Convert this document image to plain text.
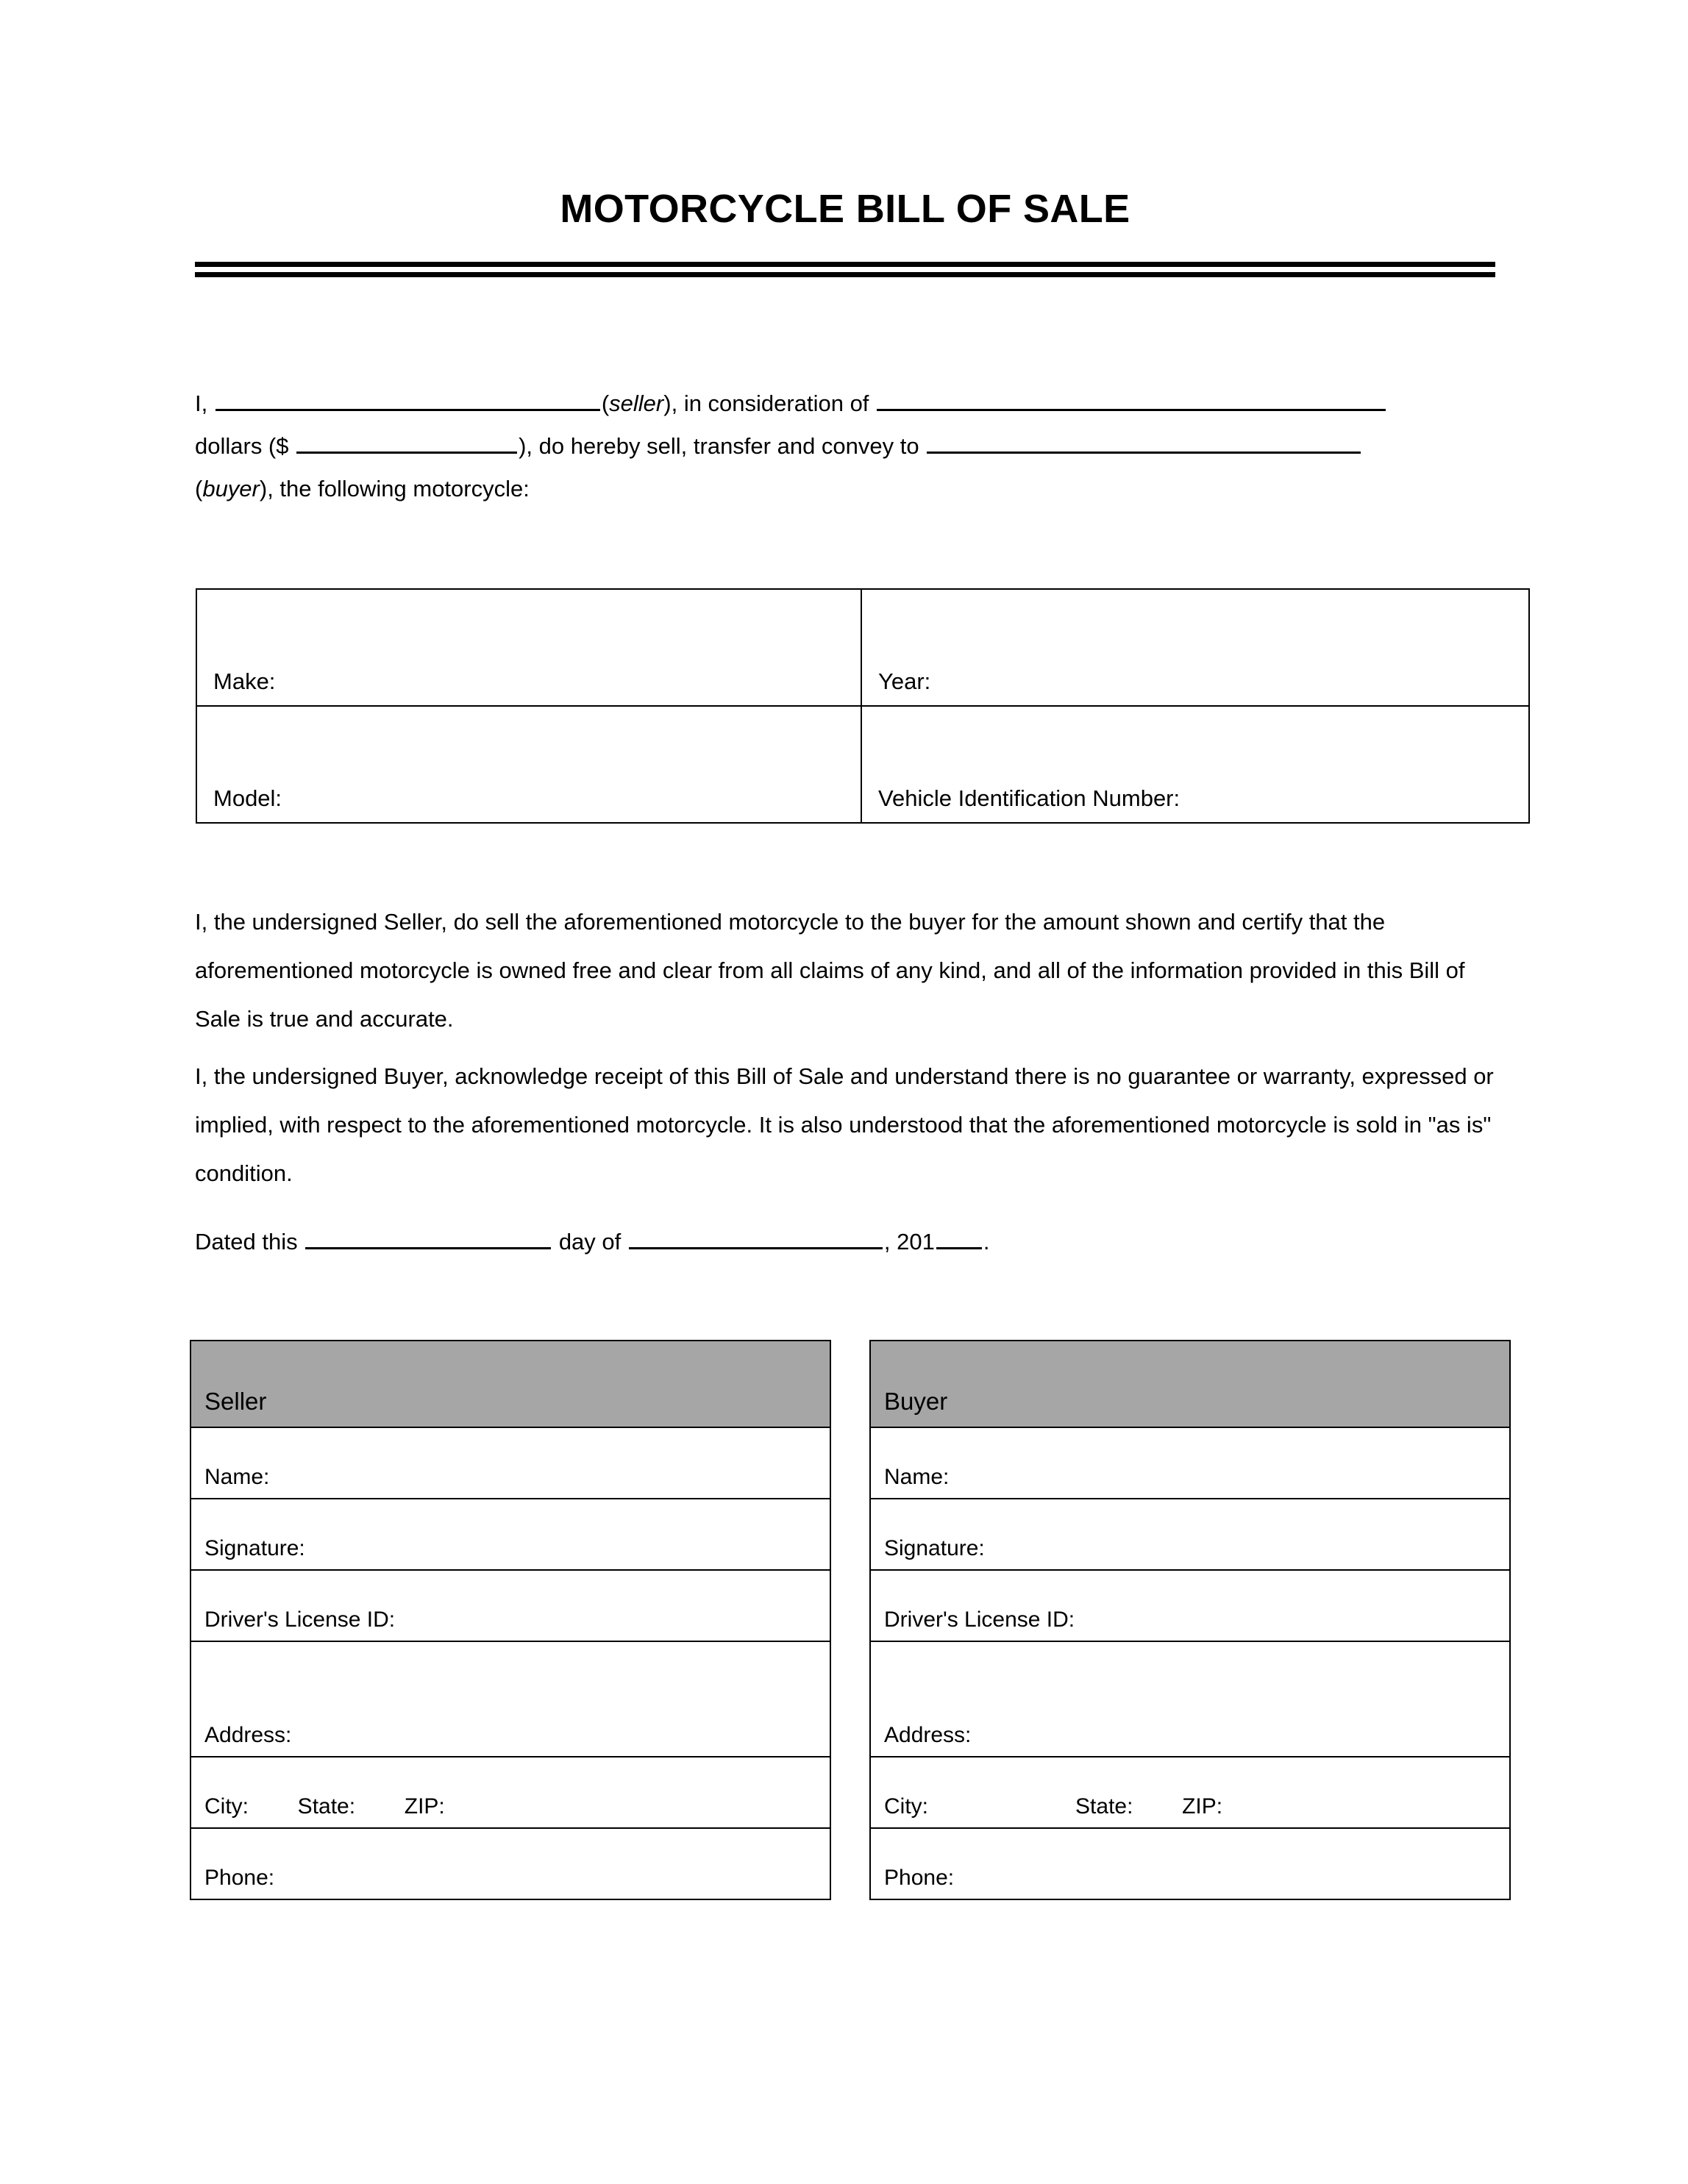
MOTORCYCLE BILL OF SALE
I,	(seller), in consideration of
dollars ($	), do hereby sell, transfer and convey to
(buyer), the following motorcycle:
Make:	Year:
Model:	Vehicle Identification Number:

I, the undersigned Seller, do sell the aforementioned motorcycle to the buyer for the amount shown and certify that the aforementioned motorcycle is owned free and clear from all claims of any kind, and all of the information provided in this Bill of Sale is true and accurate.

I, the undersigned Buyer, acknowledge receipt of this Bill of Sale and understand there is no guarantee or warranty, expressed or implied, with respect to the aforementioned motorcycle. It is also understood that the aforementioned motorcycle is sold in "as is" condition.

Dated this	day of	, 201 .
Seller
Name:
Signature:
Driver's License ID:
Address:
City:        State:        ZIP:
Phone:
Buyer
Name:
Signature:
Driver's License ID:
Address:
City:                        State:        ZIP:
Phone:
